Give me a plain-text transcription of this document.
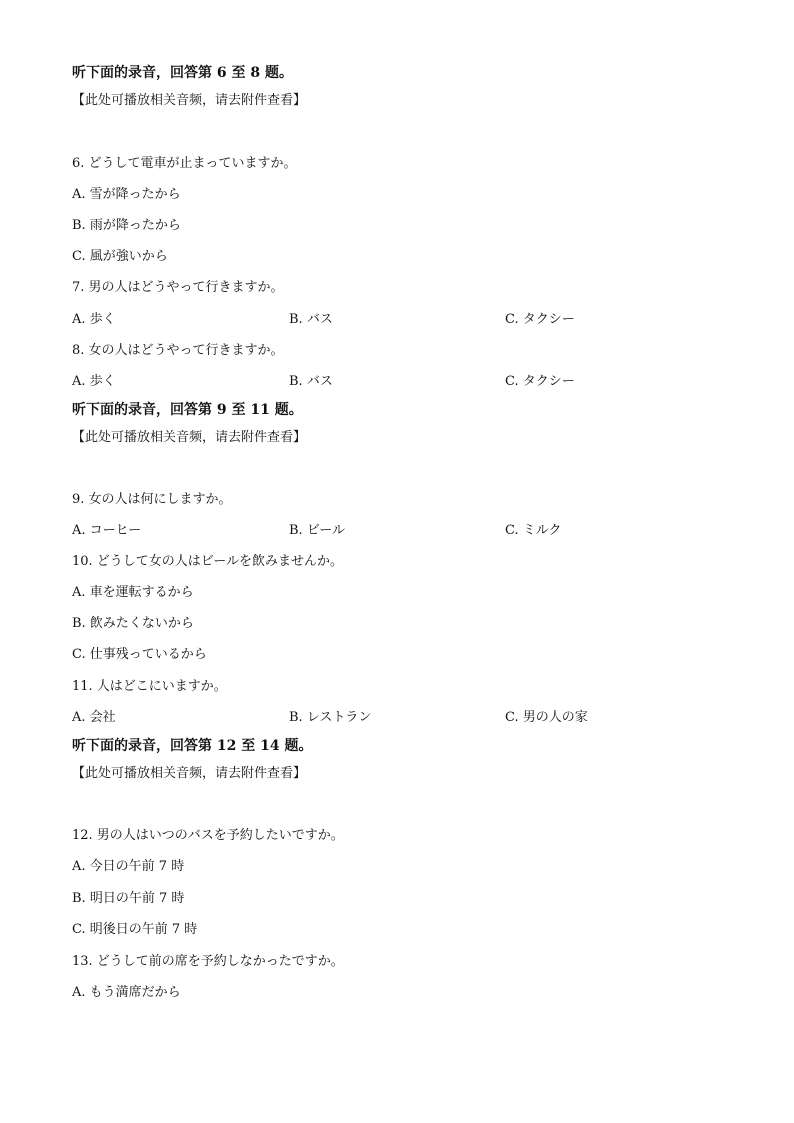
听下面的录音，回答第 6 至 8 题。
【此处可播放相关音频，请去附件查看】
6. どうして電車が止まっていますか。
A. 雪が降ったから
B. 雨が降ったから
C. 風が強いから
7. 男の人はどうやって行きますか。
A. 歩く	B. バス	C. タクシー
8. 女の人はどうやって行きますか。
A. 歩く	B. バス	C. タクシー
听下面的录音，回答第 9 至 11 题。
【此处可播放相关音频，请去附件查看】
9. 女の人は何にしますか。
A. コーヒー	B. ビール	C. ミルク
10. どうして女の人はビールを飲みませんか。
A. 車を運転するから
B. 飲みたくないから
C. 仕事残っているから
11. 人はどこにいますか。
A. 会社	B. レストラン	C. 男の人の家
听下面的录音，回答第 12 至 14 题。
【此处可播放相关音频，请去附件查看】
12. 男の人はいつのバスを予約したいですか。
A. 今日の午前 7 時
B. 明日の午前 7 時
C. 明後日の午前 7 時
13. どうして前の席を予約しなかったですか。
A. もう満席だから
